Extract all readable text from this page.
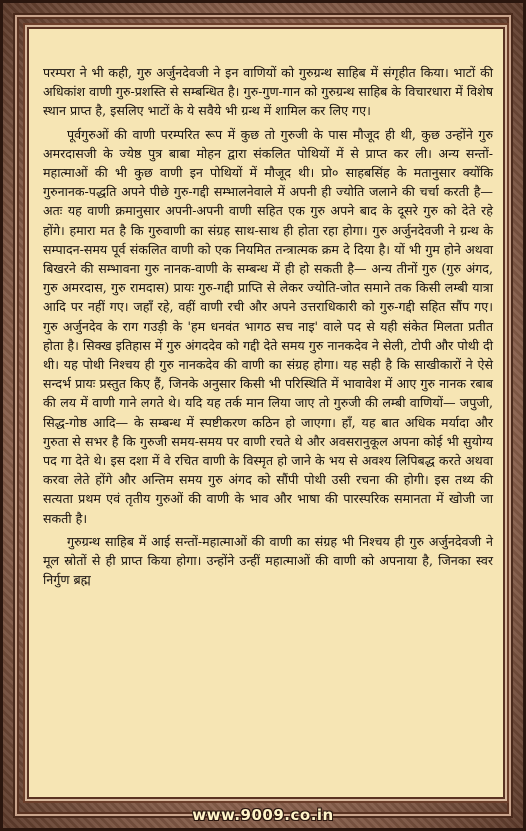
परम्परा ने भी कही, गुरु अर्जुनदेवजी ने इन वाणियों को गुरुग्रन्थ साहिब में संगृहीत किया। भाटों की अधिकांश वाणी गुरु-प्रशस्ति से सम्बन्धित है। गुरु-गुण-गान को गुरुग्रन्थ साहिब के विचारधारा में विशेष स्थान प्राप्त है, इसलिए भाटों के ये सवैये भी ग्रन्थ में शामिल कर लिए गए।

पूर्वगुरुओं की वाणी परम्परित रूप में कुछ तो गुरुजी के पास मौजूद ही थी, कुछ उन्होंने गुरु अमरदासजी के ज्येष्ठ पुत्र बाबा मोहन द्वारा संकलित पोथियों में से प्राप्त कर ली। अन्य सन्तों-महात्माओं की भी कुछ वाणी इन पोथियों में मौजूद थी। प्रो० साहबसिंह के मतानुसार क्योंकि गुरुनानक-पद्धति अपने पीछे गुरु-गद्दी सम्भालनेवाले में अपनी ही ज्योति जलाने की चर्चा करती है— अतः यह वाणी क्रमानुसार अपनी-अपनी वाणी सहित एक गुरु अपने बाद के दूसरे गुरु को देते रहे होंगे। हमारा मत है कि गुरुवाणी का संग्रह साथ-साथ ही होता रहा होगा। गुरु अर्जुनदेवजी ने ग्रन्थ के सम्पादन-समय पूर्व संकलित वाणी को एक नियमित तन्त्रात्मक क्रम दे दिया है। यों भी गुम होने अथवा बिखरने की सम्भावना गुरु नानक-वाणी के सम्बन्ध में ही हो सकती है— अन्य तीनों गुरु (गुरु अंगद, गुरु अमरदास, गुरु रामदास) प्रायः गुरु-गद्दी प्राप्ति से लेकर ज्योति-जोत समाने तक किसी लम्बी यात्रा आदि पर नहीं गए। जहाँ रहे, वहीं वाणी रची और अपने उत्तराधिकारी को गुरु-गद्दी सहित सौंप गए। गुरु अर्जुनदेव के राग गउड़ी के 'हम धनवंत भागठ सच नाइ' वाले पद से यही संकेत मिलता प्रतीत होता है। सिक्ख इतिहास में गुरु अंगददेव को गद्दी देते समय गुरु नानकदेव ने सेली, टोपी और पोथी दी थी। यह पोथी निश्चय ही गुरु नानकदेव की वाणी का संग्रह होगा। यह सही है कि साखीकारों ने ऐसे सन्दर्भ प्रायः प्रस्तुत किए हैं, जिनके अनुसार किसी भी परिस्थिति में भावावेश में आए गुरु नानक रबाब की लय में वाणी गाने लगते थे। यदि यह तर्क मान लिया जाए तो गुरुजी की लम्बी वाणियों— जपुजी, सिद्ध-गोष्ठ आदि— के सम्बन्ध में स्पष्टीकरण कठिन हो जाएगा। हाँ, यह बात अधिक मर्यादा और गुरुता से सभर है कि गुरुजी समय-समय पर वाणी रचते थे और अवसरानुकूल अपना कोई भी सुयोग्य पद गा देते थे। इस दशा में वे रचित वाणी के विस्मृत हो जाने के भय से अवश्य लिपिबद्ध करते अथवा करवा लेते होंगे और अन्तिम समय गुरु अंगद को सौंपी पोथी उसी रचना की होगी। इस तथ्य की सत्यता प्रथम एवं तृतीय गुरुओं की वाणी के भाव और भाषा की पारस्परिक समानता में खोजी जा सकती है।

गुरुग्रन्थ साहिब में आई सन्तों-महात्माओं की वाणी का संग्रह भी निश्चय ही गुरु अर्जुनदेवजी ने मूल स्रोतों से ही प्राप्त किया होगा। उन्होंने उन्हीं महात्माओं की वाणी को अपनाया है, जिनका स्वर निर्गुण ब्रह्म

www.9009.co.in
